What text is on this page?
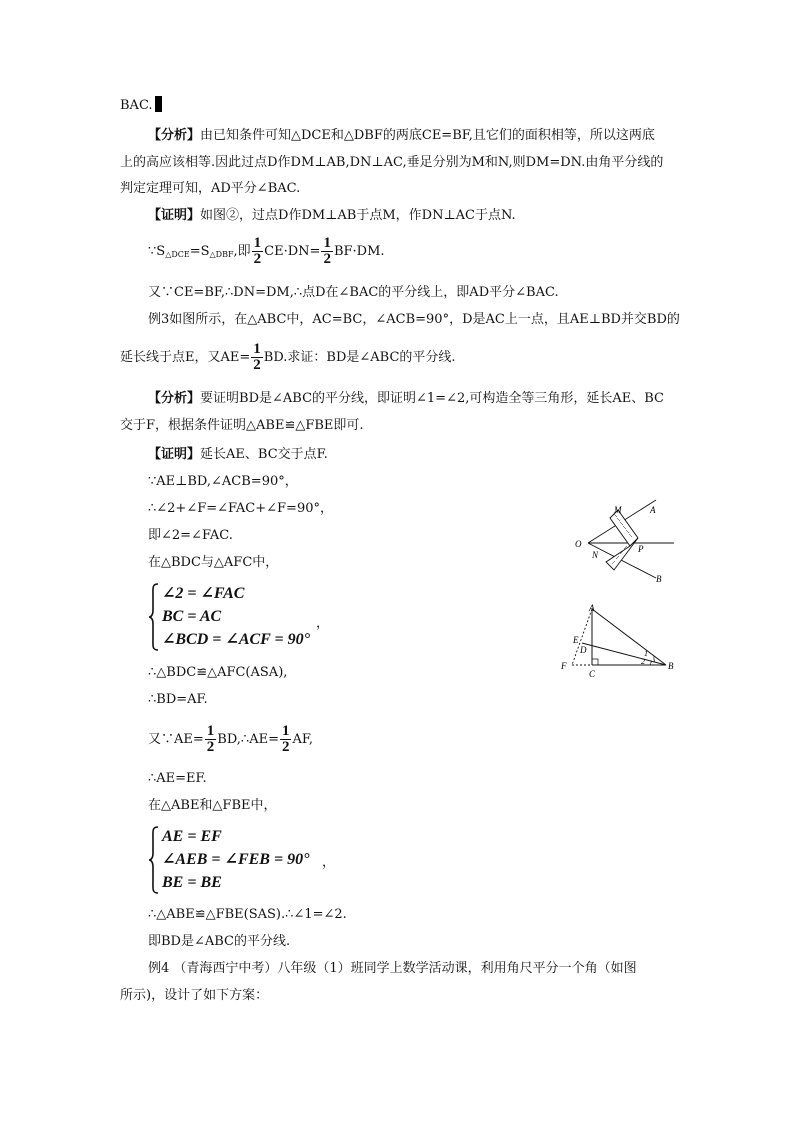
BAC.
【分析】由已知条件可知△DCE和△DBF的两底CE=BF,且它们的面积相等，所以这两底
上的高应该相等.因此过点D作DM⊥AB,DN⊥AC,垂足分别为M和N,则DM=DN.由角平分线的
判定定理可知，AD平分∠BAC.
【证明】如图②，过点D作DM⊥AB于点M，作DN⊥AC于点N.
$\because S_{\triangle DCE}=S_{\triangle DBF}$,即 $\frac{1}{2} CE\cdot DN= \frac{1}{2} BF\cdot DM$.
又∵CE=BF,∴DN=DM,∴点D在∠BAC的平分线上，即AD平分∠BAC.
例3如图所示，在△ABC中，AC=BC，∠ACB=90°，D是AC上一点，且AE⊥BD并交BD的
延长线于点E，又$AE= \frac{1}{2}$ BD.求证：BD是∠ABC的平分线.
【分析】要证明BD是∠ABC的平分线，即证明∠1=∠2,可构造全等三角形，延长AE、BC
交于F，根据条件证明△ABE≌△FBE即可.
【证明】延长AE、BC交于点F.
∵AE⊥BD,∠ACB=90°，
∴∠2+∠F=∠FAC+∠F=90°，
即∠2=∠FAC.
在△BDC与△AFC中，
∠2 = ∠FAC
BC = AC
∠BCD = ∠ACF = 90°
，
∴△BDC≌△AFC(ASA),
∴BD=AF.
又∵AE= $\frac{1}{2}$ BD,∴AE= $\frac{1}{2}$ AF,
∴AE=EF.
在△ABE和△FBE中，
AE = EF
∠AEB = ∠FEB = 90°
BE = BE
，
∴△ABE≌△FBE(SAS).∴∠1=∠2.
即BD是∠ABC的平分线.
例4 （青海西宁中考）八年级（1）班同学上数学活动课，利用角尺平分一个角（如图
所示)，设计了如下方案：
M	A
O	P
N
B
A
E
D
F
C
2
1
B
